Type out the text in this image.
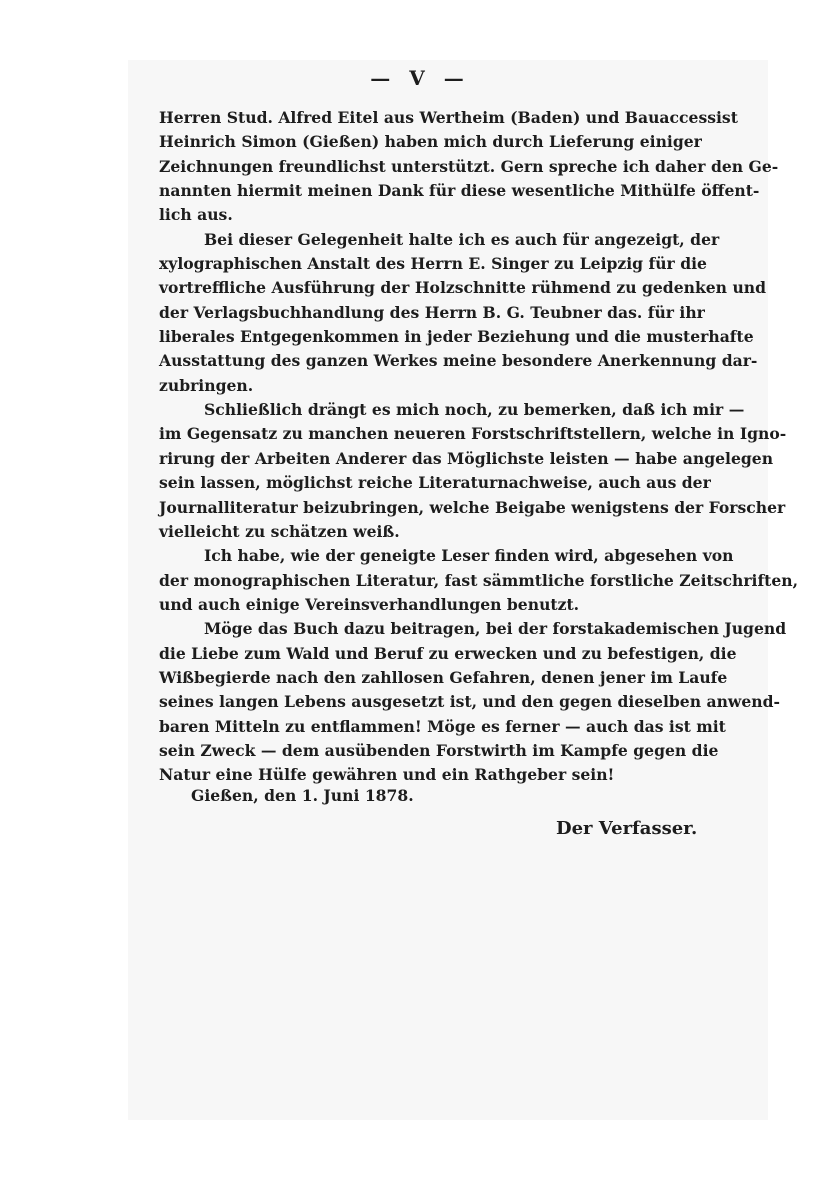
— V —
Herren Stud. Alfred Eitel aus Wertheim (Baden) und Bauaccessist
Heinrich Simon (Gießen) haben mich durch Lieferung einiger
Zeichnungen freundlichst unterstützt. Gern spreche ich daher den Ge-
nannten hiermit meinen Dank für diese wesentliche Mithülfe öffent-
lich aus.
Bei dieser Gelegenheit halte ich es auch für angezeigt, der
xylographischen Anstalt des Herrn E. Singer zu Leipzig für die
vortreffliche Ausführung der Holzschnitte rühmend zu gedenken und
der Verlagsbuchhandlung des Herrn B. G. Teubner das. für ihr
liberales Entgegenkommen in jeder Beziehung und die musterhafte
Ausstattung des ganzen Werkes meine besondere Anerkennung dar-
zubringen.
Schließlich drängt es mich noch, zu bemerken, daß ich mir —
im Gegensatz zu manchen neueren Forstschriftstellern, welche in Igno-
rirung der Arbeiten Anderer das Möglichste leisten — habe angelegen
sein lassen, möglichst reiche Literaturnachweise, auch aus der
Journalliteratur beizubringen, welche Beigabe wenigstens der Forscher
vielleicht zu schätzen weiß.
Ich habe, wie der geneigte Leser finden wird, abgesehen von
der monographischen Literatur, fast sämmtliche forstliche Zeitschriften,
und auch einige Vereinsverhandlungen benutzt.
Möge das Buch dazu beitragen, bei der forstakademischen Jugend
die Liebe zum Wald und Beruf zu erwecken und zu befestigen, die
Wißbegierde nach den zahllosen Gefahren, denen jener im Laufe
seines langen Lebens ausgesetzt ist, und den gegen dieselben anwend-
baren Mitteln zu entflammen! Möge es ferner — auch das ist mit
sein Zweck — dem ausübenden Forstwirth im Kampfe gegen die
Natur eine Hülfe gewähren und ein Rathgeber sein!
Gießen, den 1. Juni 1878.
Der Verfasser.
